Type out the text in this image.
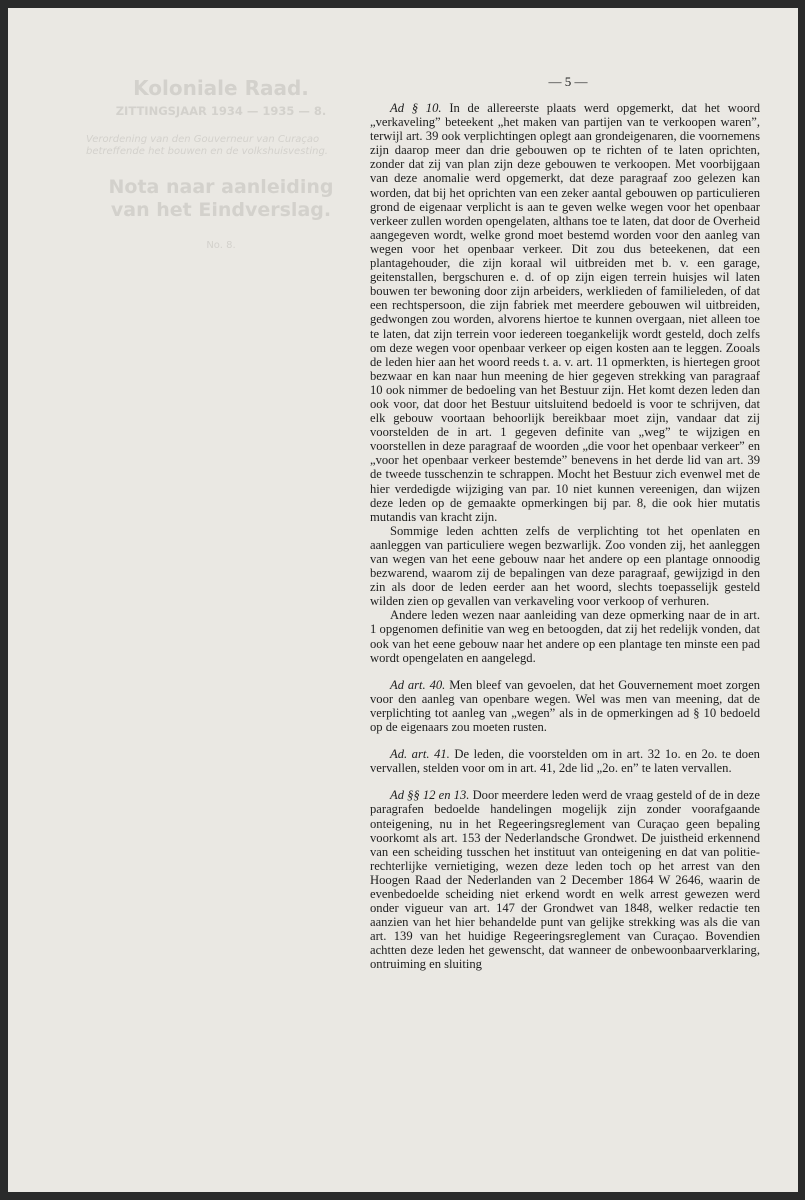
Koloniale Raad.
ZITTINGSJAAR 1934 — 1935 — 8.
Verordening van den Gouverneur van Curaçao betreffende het bouwen en de volkshuisvesting.
Nota naar aanleiding van het Eindverslag.
No. 8.
— 5 —

Ad § 10. In de allereerste plaats werd opgemerkt, dat het woord „verkaveling” beteekent „het maken van partijen van te verkoopen waren”, terwijl art. 39 ook verplichtingen oplegt aan grondeigenaren, die voornemens zijn daarop meer dan drie gebouwen op te richten of te laten oprichten, zonder dat zij van plan zijn deze gebouwen te verkoopen. Met voorbijgaan van deze anomalie werd opgemerkt, dat deze paragraaf zoo gelezen kan worden, dat bij het oprichten van een zeker aantal gebouwen op particulieren grond de eigenaar verplicht is aan te geven welke wegen voor het openbaar verkeer zullen worden opengelaten, althans toe te laten, dat door de Overheid aangegeven wordt, welke grond moet bestemd worden voor den aanleg van wegen voor het openbaar verkeer. Dit zou dus beteekenen, dat een plantagehouder, die zijn koraal wil uitbreiden met b. v. een garage, geitenstallen, bergschuren e. d. of op zijn eigen terrein huisjes wil laten bouwen ter bewoning door zijn arbeiders, werkliеden of familieleden, of dat een rechtspersoon, die zijn fabriek met meerdere gebouwen wil uitbreiden, gedwongen zou worden, alvorens hiertoe te kunnen overgaan, niet alleen toe te laten, dat zijn terrein voor iedereen toegankelijk wordt gesteld, doch zelfs om deze wegen voor openbaar verkeer op eigen kosten aan te leggen. Zooals de leden hier aan het woord reeds t. a. v. art. 11 opmerkten, is hiertegen groot bezwaar en kan naar hun meening de hier gegeven strekking van paragraaf 10 ook nimmer de bedoeling van het Bestuur zijn. Het komt dezen leden dan ook voor, dat door het Bestuur uitsluitend bedoeld is voor te schrijven, dat elk gebouw voortaan behoorlijk bereikbaar moet zijn, vandaar dat zij voorstelden de in art. 1 gegeven definite van „weg” te wijzigen en voorstellen in deze paragraaf de woorden „die voor het openbaar verkeer” en „voor het openbaar verkeer bestemde” benevens in het derde lid van art. 39 de tweede tusschenzin te schrappen. Mocht het Bestuur zich evenwel met de hier verdedigde wijziging van par. 10 niet kunnen vereenigen, dan wijzen deze leden op de gemaakte opmerkingen bij par. 8, die ook hier mutatis mutandis van kracht zijn.

Sommige leden achtten zelfs de verplichting tot het openlaten en aanleggen van particuliere wegen bezwarlijk. Zoo vonden zij, het aanleggen van wegen van het eene gebouw naar het andere op een plantage onnoodig bezwarend, waarom zij de bepalingen van deze paragraaf, gewijzigd in den zin als door de leden eerder aan het woord, slechts toepasselijk gesteld wilden zien op gevallen van verkaveling voor verkoop of verhuren.

Andere leden wezen naar aanleiding van deze opmerking naar de in art. 1 opgenomen definitie van weg en betoogden, dat zij het redelijk vonden, dat ook van het eene gebouw naar het andere op een plantage ten minste een pad wordt opengelaten en aangelegd.

Ad art. 40. Men bleef van gevoelen, dat het Gouvernement moet zorgen voor den aanleg van openbare wegen. Wel was men van meening, dat de verplichting tot aanleg van „wegen” als in de opmerkingen ad § 10 bedoeld op de eigenaars zou moeten rusten.

Ad. art. 41. De leden, die voorstelden om in art. 32 1o. en 2o. te doen vervallen, stelden voor om in art. 41, 2de lid „2o. en” te laten vervallen.

Ad §§ 12 en 13. Door meerdere leden werd de vraag gesteld of de in deze paragrafen bedoelde handelingen mogelijk zijn zonder voorafgaande onteigening, nu in het Regeeringsreglement van Curaçao geen bepaling voorkomt als art. 153 der Nederlandsche Grondwet. De juistheid erkennend van een scheiding tusschen het instituut van onteigening en dat van politie-rechterlijke vernietiging, wezen deze leden toch op het arrest van den Hoogen Raad der Nederlanden van 2 December 1864 W 2646, waarin de evenbedoelde scheiding niet erkend wordt en welk arrest gewezen werd onder vigueur van art. 147 der Grondwet van 1848, welker redactie ten aanzien van het hier behandelde punt van gelijke strekking was als die van art. 139 van het huidige Regeeringsreglement van Curaçao. Bovendien achtten deze leden het gewenscht, dat wanneer de onbewoonbaarverklaring, ontruiming en sluiting
